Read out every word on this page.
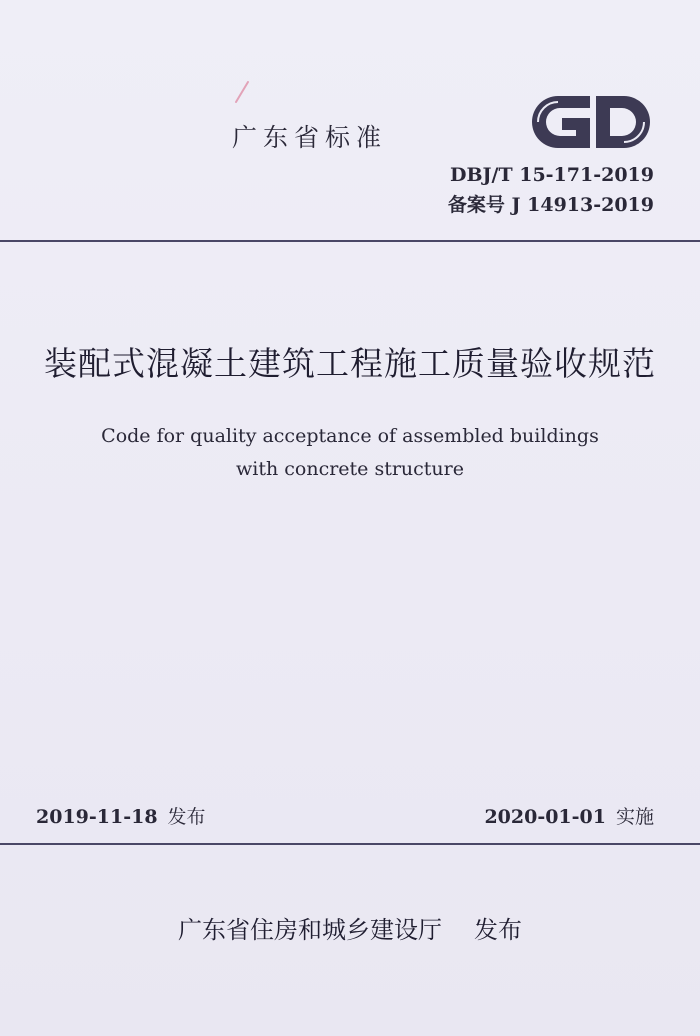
广东省标准
DBJ/T 15-171-2019
备案号 J 14913-2019
装配式混凝土建筑工程施工质量验收规范
Code for quality acceptance of assembled buildings
with concrete structure
2019-11-18 发布	2020-01-01 实施
广东省住房和城乡建设厅 发布
